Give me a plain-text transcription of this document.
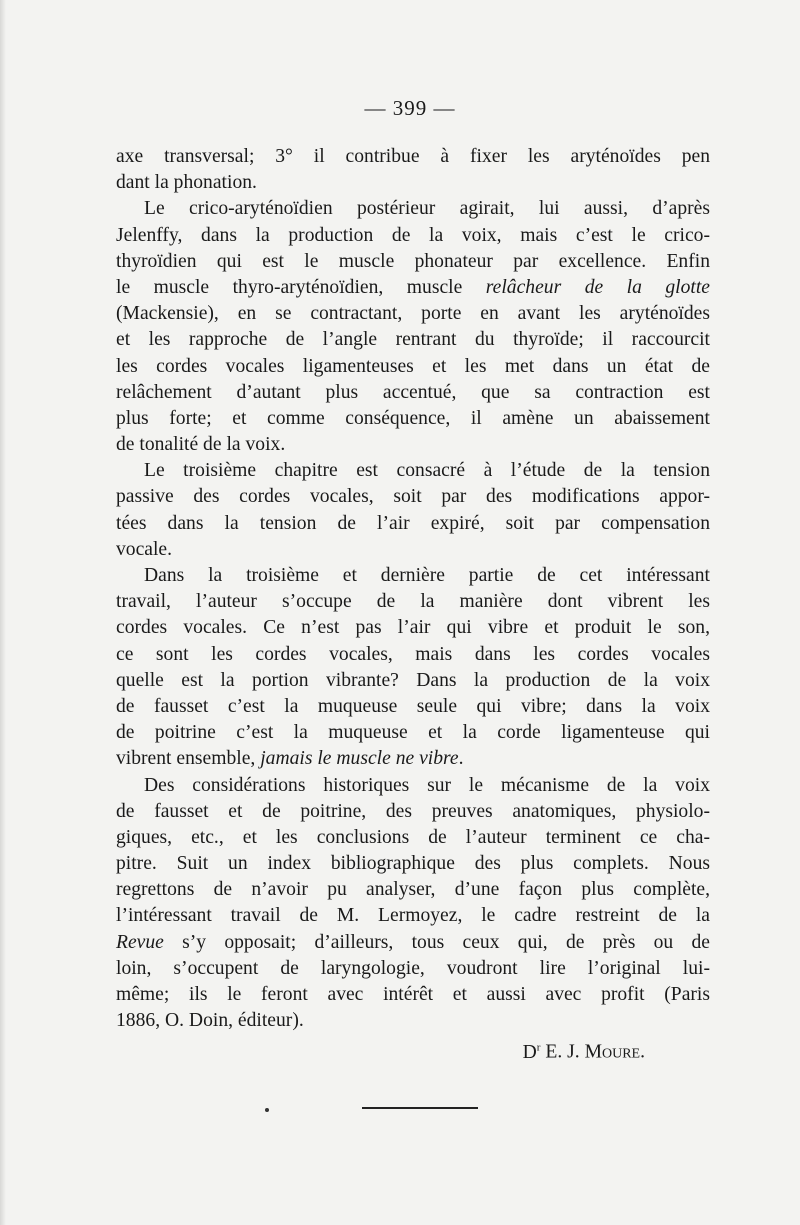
— 399 —
axe transversal; 3° il contribue à fixer les aryténoïdes pen
dant la phonation.
Le crico-aryténoïdien postérieur agirait, lui aussi, d’après
Jelenffy, dans la production de la voix, mais c’est le crico-
thyroïdien qui est le muscle phonateur par excellence. Enfin
le muscle thyro-aryténoïdien, muscle relâcheur de la glotte
(Mackensie), en se contractant, porte en avant les aryténoïdes
et les rapproche de l’angle rentrant du thyroïde; il raccourcit
les cordes vocales ligamenteuses et les met dans un état de
relâchement d’autant plus accentué, que sa contraction est
plus forte; et comme conséquence, il amène un abaissement
de tonalité de la voix.
Le troisième chapitre est consacré à l’étude de la tension
passive des cordes vocales, soit par des modifications appor-
tées dans la tension de l’air expiré, soit par compensation
vocale.
Dans la troisième et dernière partie de cet intéressant
travail, l’auteur s’occupe de la manière dont vibrent les
cordes vocales. Ce n’est pas l’air qui vibre et produit le son,
ce sont les cordes vocales, mais dans les cordes vocales
quelle est la portion vibrante? Dans la production de la voix
de fausset c’est la muqueuse seule qui vibre; dans la voix
de poitrine c’est la muqueuse et la corde ligamenteuse qui
vibrent ensemble, jamais le muscle ne vibre.
Des considérations historiques sur le mécanisme de la voix
de fausset et de poitrine, des preuves anatomiques, physiolo-
giques, etc., et les conclusions de l’auteur terminent ce cha-
pitre. Suit un index bibliographique des plus complets. Nous
regrettons de n’avoir pu analyser, d’une façon plus complète,
l’intéressant travail de M. Lermoyez, le cadre restreint de la
Revue s’y opposait; d’ailleurs, tous ceux qui, de près ou de
loin, s’occupent de laryngologie, voudront lire l’original lui-
même; ils le feront avec intérêt et aussi avec profit (Paris
1886, O. Doin, éditeur).
$D^r$ E. J. Moure.
